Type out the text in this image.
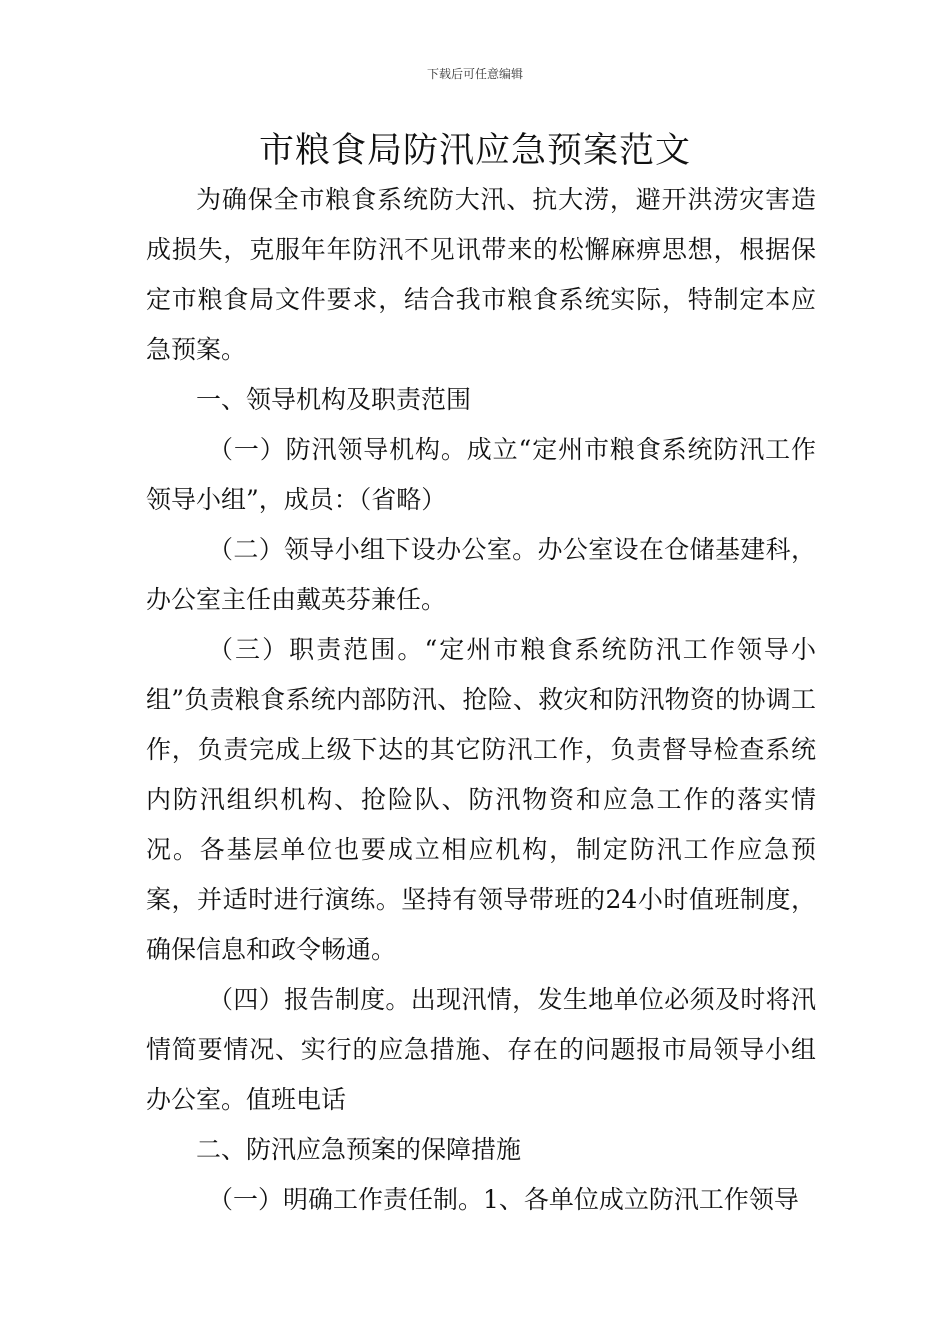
下载后可任意编辑
市粮食局防汛应急预案范文

为确保全市粮食系统防大汛、抗大涝，避开洪涝灾害造成损失，克服年年防汛不见讯带来的松懈麻痹思想，根据保定市粮食局文件要求，结合我市粮食系统实际，特制定本应急预案。

一、领导机构及职责范围

（一）防汛领导机构。成立“定州市粮食系统防汛工作领导小组”，成员：（省略）

（二）领导小组下设办公室。办公室设在仓储基建科，办公室主任由戴英芬兼任。

（三）职责范围。“定州市粮食系统防汛工作领导小组”负责粮食系统内部防汛、抢险、救灾和防汛物资的协调工作，负责完成上级下达的其它防汛工作，负责督导检查系统内防汛组织机构、抢险队、防汛物资和应急工作的落实情况。各基层单位也要成立相应机构，制定防汛工作应急预案，并适时进行演练。坚持有领导带班的24小时值班制度，确保信息和政令畅通。

（四）报告制度。出现汛情，发生地单位必须及时将汛情简要情况、实行的应急措施、存在的问题报市局领导小组办公室。值班电话

二、防汛应急预案的保障措施

（一）明确工作责任制。1、各单位成立防汛工作领导
